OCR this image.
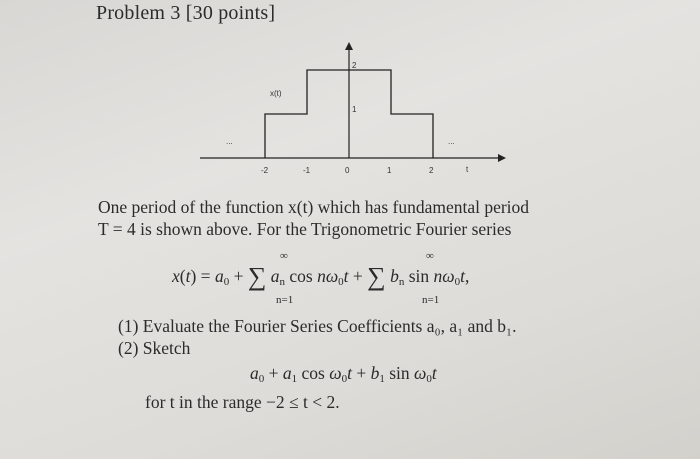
Problem 3 [30 points]
x(t)
t
...	...
-2	-1	0	1	2
1
2
One period of the function x(t) which has fundamental period
T = 4 is shown above. For the Trigonometric Fourier series
$x(t) = a_0$ + ∑ $a_n$ $\cos n\omega_0t$ + ∑ $b_n$ $\sin n\omega_0t$,
∞
n=1
∞
n=1
(1) Evaluate the Fourier Series Coefficients a₀, a₁ and b₁.
(2) Sketch
$a_0 + a_1$ $\cos \omega_0t + b_1$ $\sin \omega_0t$
for t in the range −2 ≤ t < 2.
